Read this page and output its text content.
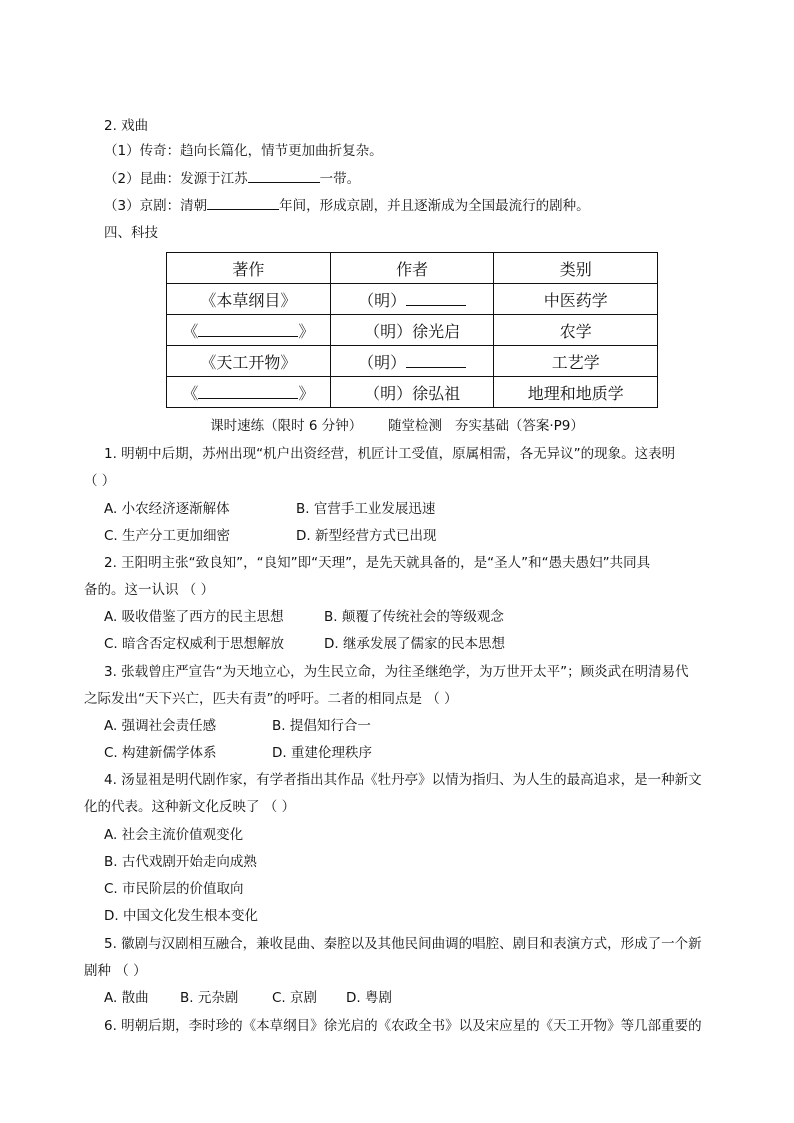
2. 戏曲
（1）传奇：趋向长篇化，情节更加曲折复杂。
（2）昆曲：发源于江苏	一带。
（3）京剧：清朝	年间，形成京剧，并且逐渐成为全国最流行的剧种。
四、科技
著作	作者	类别
《本草纲目》	（明）	中医药学
《 》	（明）徐光启	农学
《天工开物》	（明）	工艺学
《 》	（明）徐弘祖	地理和地质学
课时速练（限时 6 分钟）      随堂检测   夯实基础（答案·P9）
1. 明朝中后期，苏州出现“机户出资经营，机匠计工受值，原属相需，各无异议”的现象。这表明
（ ）
A. 小农经济逐渐解体	B. 官营手工业发展迅速
C. 生产分工更加细密	D. 新型经营方式已出现
2. 王阳明主张“致良知”，“良知”即“天理”，是先天就具备的，是“圣人”和“愚夫愚妇”共同具
备的。这一认识 （ ）
A. 吸收借鉴了西方的民主思想	B. 颠覆了传统社会的等级观念
C. 暗含否定权威利于思想解放	D. 继承发展了儒家的民本思想
3. 张载曾庄严宣告“为天地立心，为生民立命，为往圣继绝学，为万世开太平”；顾炎武在明清易代
之际发出“天下兴亡，匹夫有责”的呼吁。二者的相同点是 （ ）
A. 强调社会责任感	B. 提倡知行合一
C. 构建新儒学体系	D. 重建伦理秩序
4. 汤显祖是明代剧作家，有学者指出其作品《牡丹亭》以情为指归、为人生的最高追求，是一种新文
化的代表。这种新文化反映了 （ ）
A. 社会主流价值观变化
B. 古代戏剧开始走向成熟
C. 市民阶层的价值取向
D. 中国文化发生根本变化
5. 徽剧与汉剧相互融合，兼收昆曲、秦腔以及其他民间曲调的唱腔、剧目和表演方式，形成了一个新
剧种 （ ）
A. 散曲 B. 元杂剧 C. 京剧 D. 粤剧
6. 明朝后期，李时珍的《本草纲目》徐光启的《农政全书》以及宋应星的《天工开物》等几部重要的
